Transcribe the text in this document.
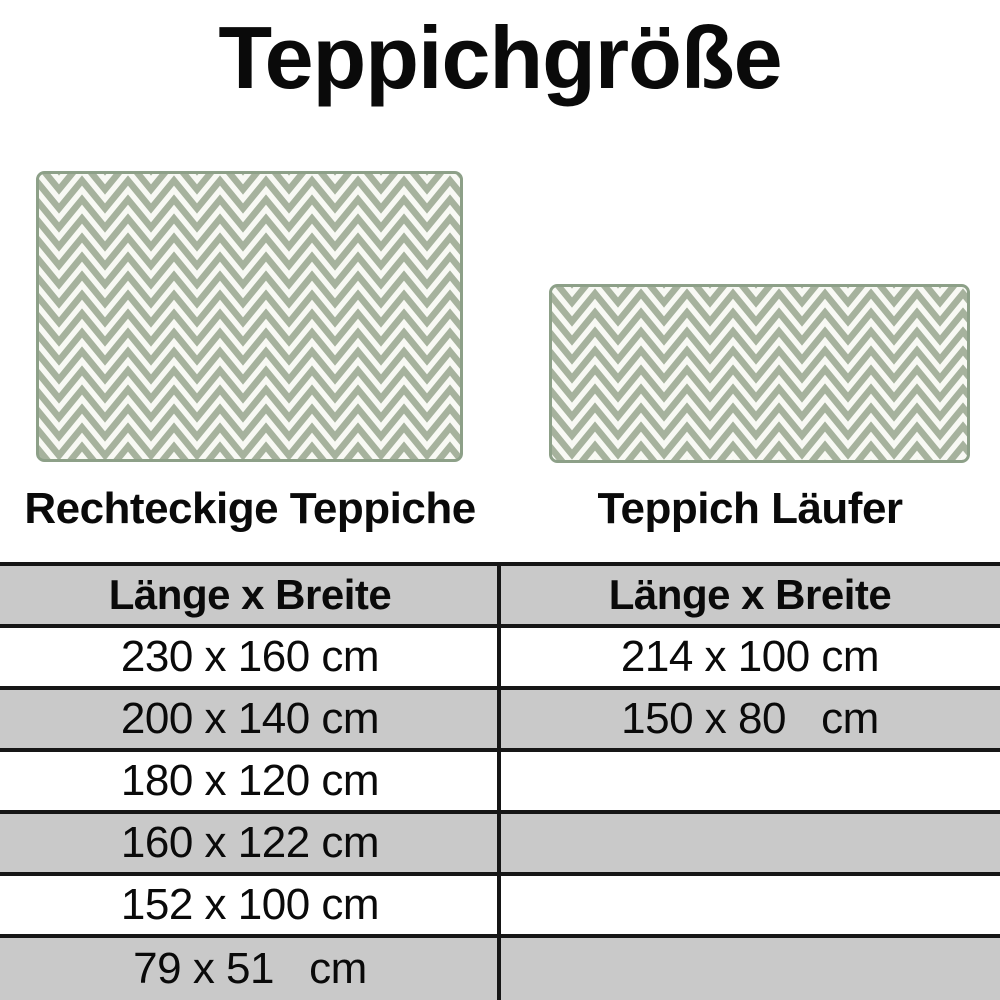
Teppichgröße

Rechteckige Teppiche	Teppich Läufer

Länge x Breite	Länge x Breite
230 x 160 cm	214 x 100 cm
200 x 140 cm	150 x 80   cm
180 x 120 cm
160 x 122 cm
152 x 100 cm
79 x 51   cm
